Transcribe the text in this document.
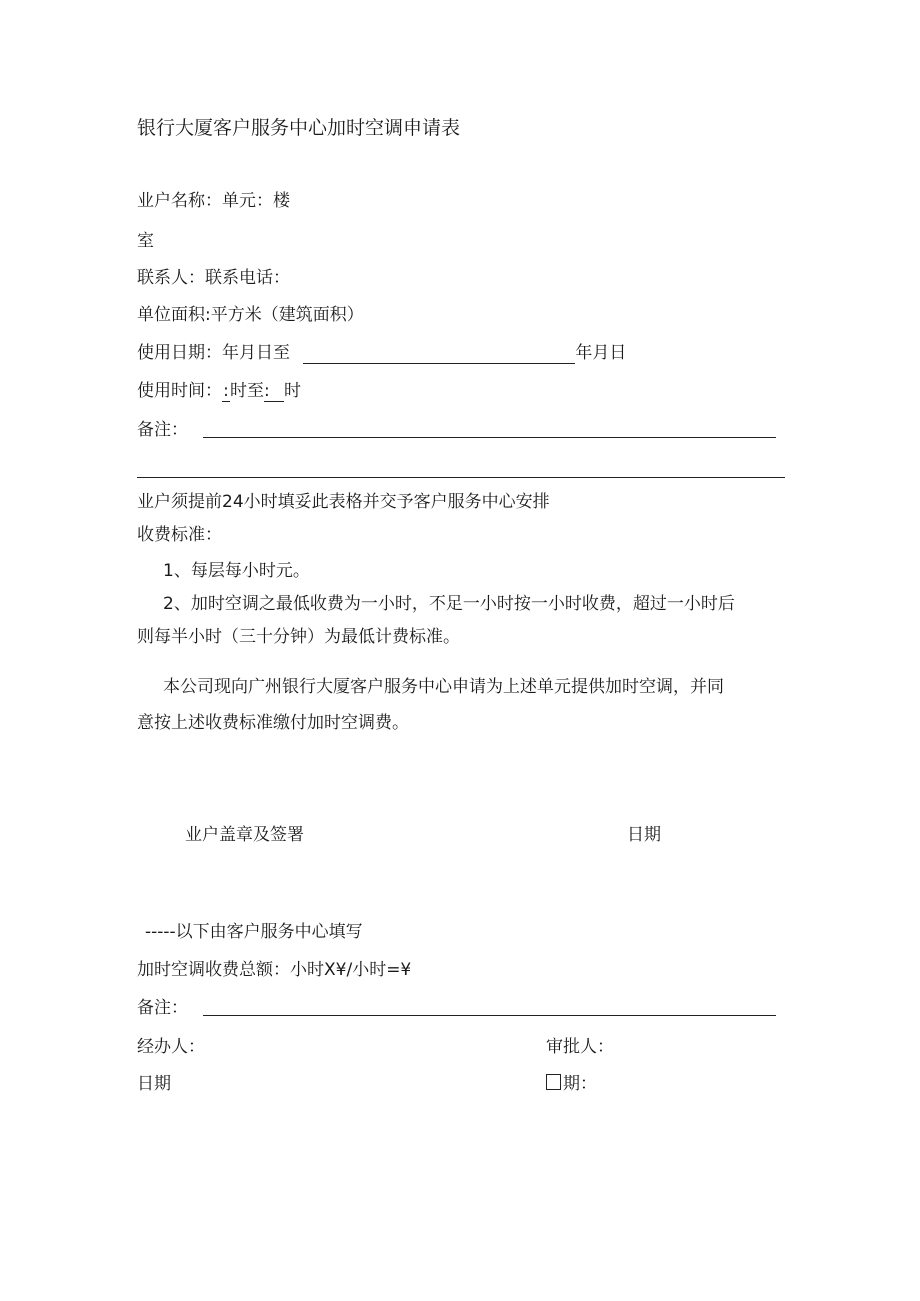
银行大厦客户服务中心加时空调申请表
业户名称：单元：楼
室
联系人：联系电话：
单位面积:平方米（建筑面积）
使用日期：年月日至	年月日
使用时间：:时至: 时
备注：
业户须提前24小时填妥此表格并交予客户服务中心安排
收费标准：
1、每层每小时元。
2、加时空调之最低收费为一小时，不足一小时按一小时收费，超过一小时后
则每半小时（三十分钟）为最低计费标准。
本公司现向广州银行大厦客户服务中心申请为上述单元提供加时空调，并同
意按上述收费标准缴付加时空调费。
业户盖章及签署	日期
-----以下由客户服务中心填写
加时空调收费总额：小时X¥/小时=¥
备注：
经办人：	审批人：
日期	期：
